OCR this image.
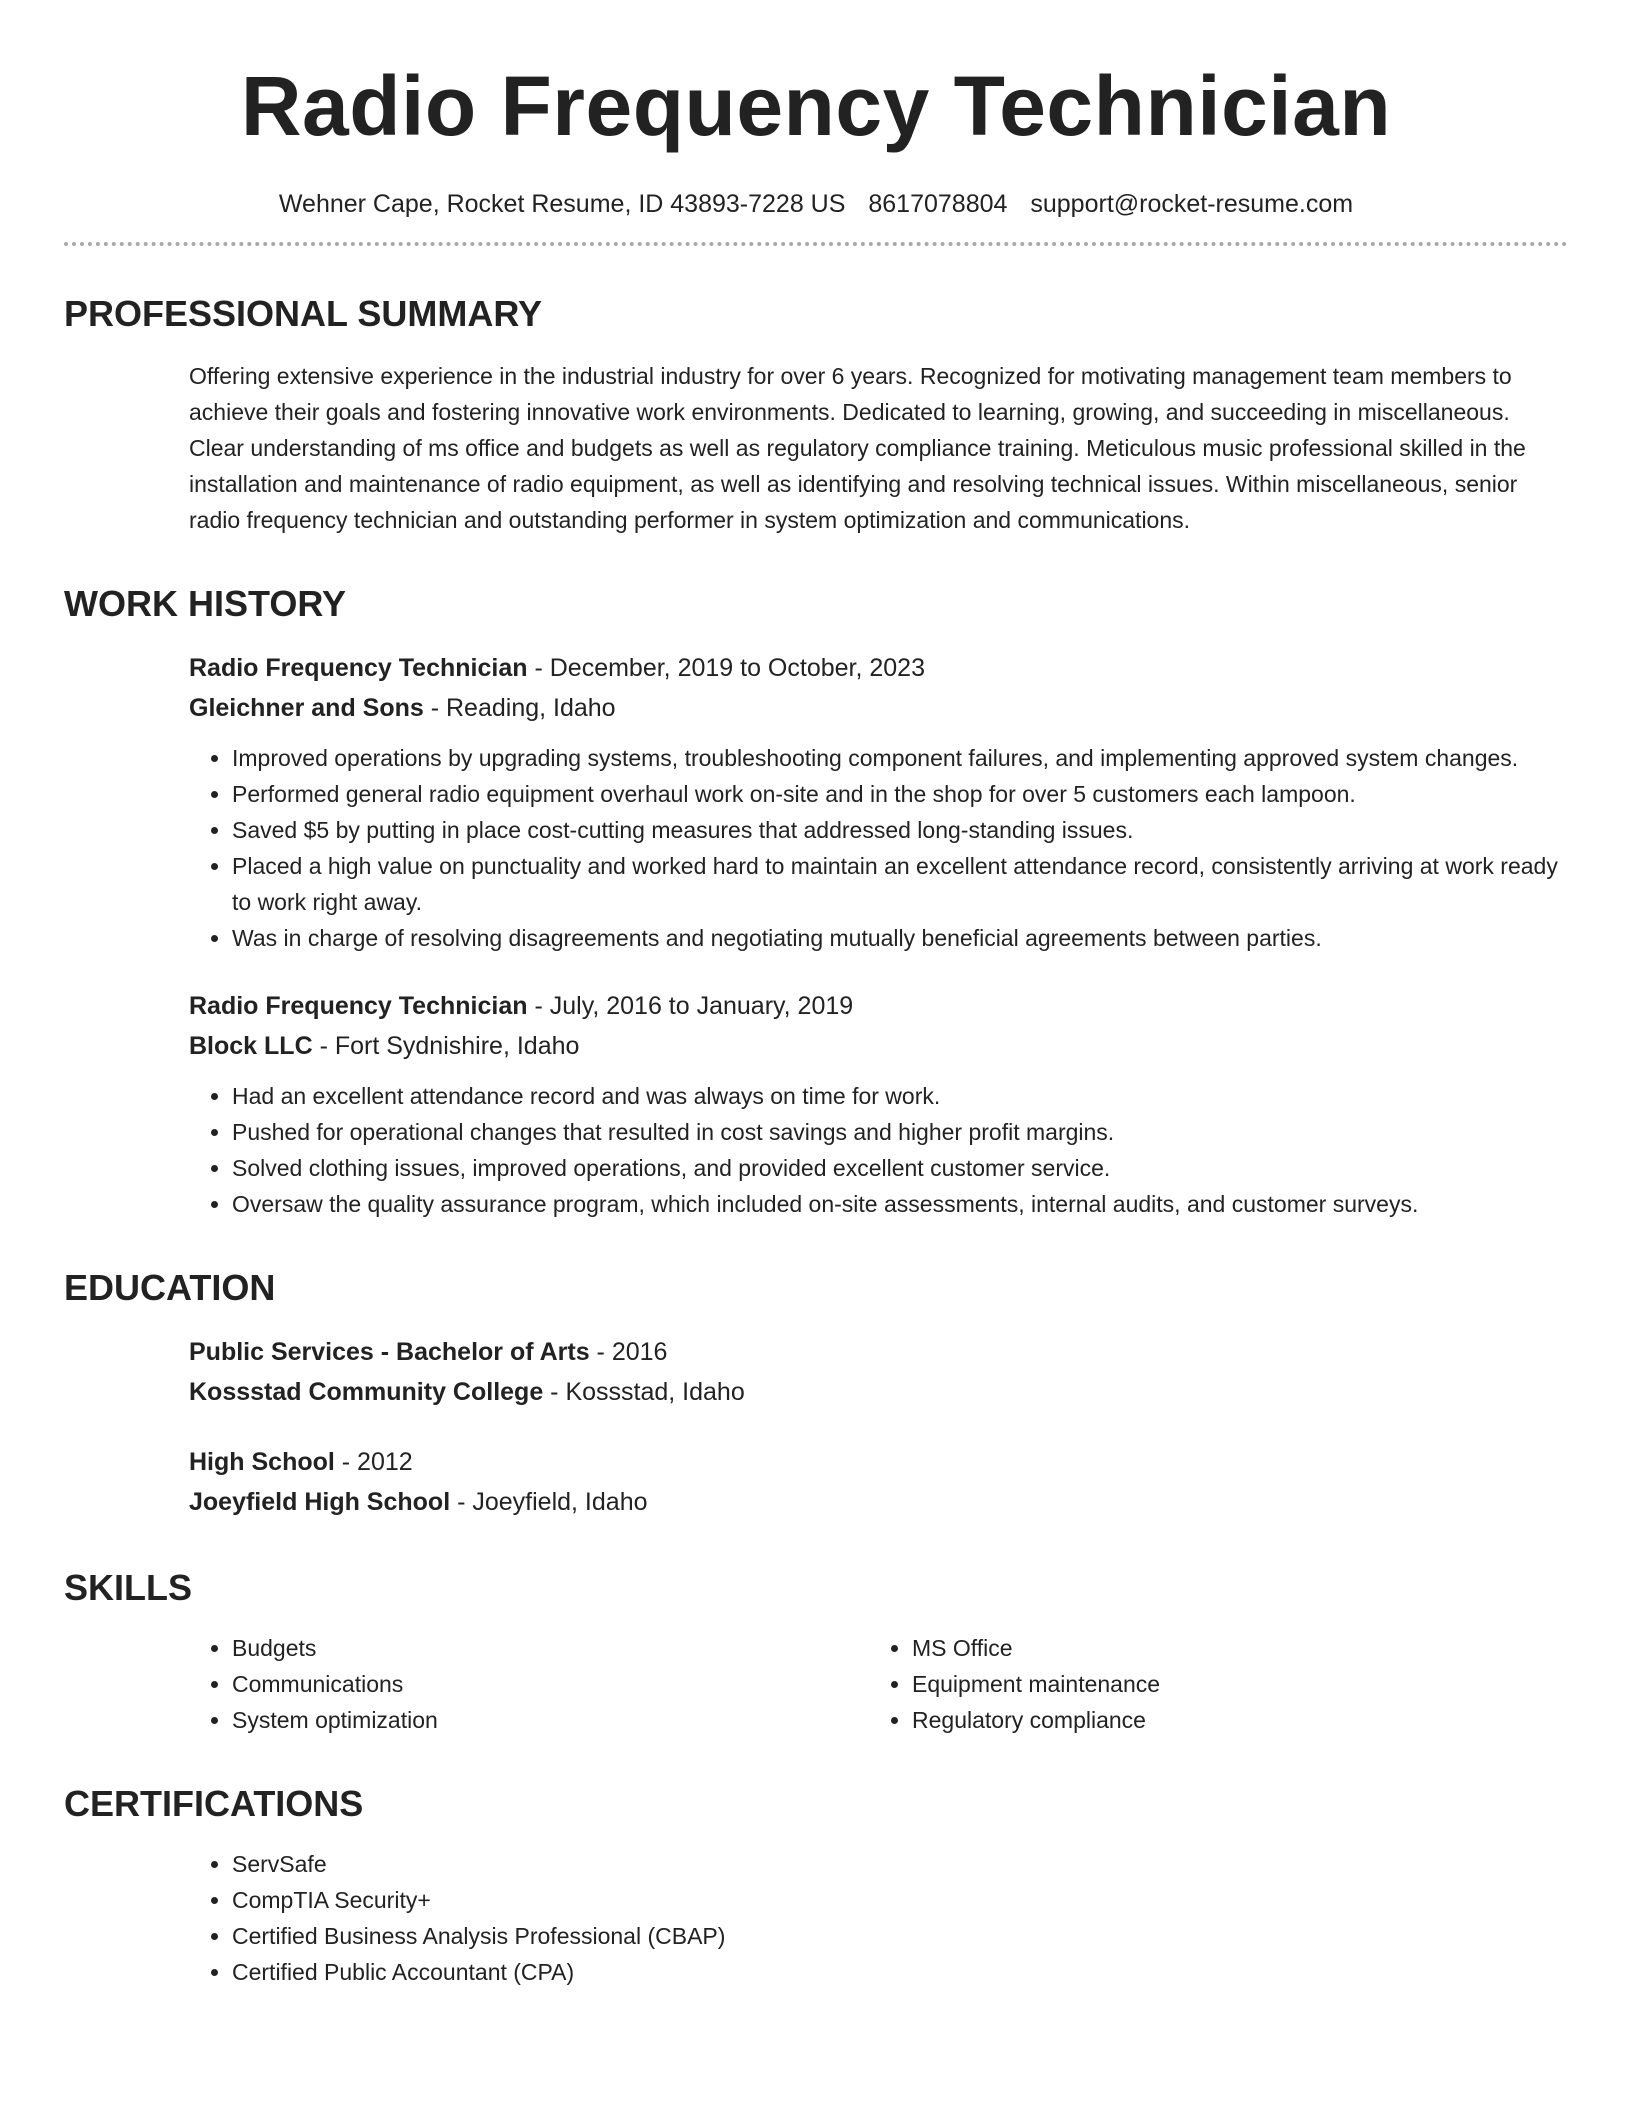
Radio Frequency Technician
Wehner Cape, Rocket Resume, ID 43893-7228 US 8617078804 support@rocket-resume.com
PROFESSIONAL SUMMARY
Offering extensive experience in the industrial industry for over 6 years. Recognized for motivating management team members to achieve their goals and fostering innovative work environments. Dedicated to learning, growing, and succeeding in miscellaneous. Clear understanding of ms office and budgets as well as regulatory compliance training. Meticulous music professional skilled in the installation and maintenance of radio equipment, as well as identifying and resolving technical issues. Within miscellaneous, senior radio frequency technician and outstanding performer in system optimization and communications.
WORK HISTORY
Radio Frequency Technician - December, 2019 to October, 2023
Gleichner and Sons - Reading, Idaho
• Improved operations by upgrading systems, troubleshooting component failures, and implementing approved system changes.
• Performed general radio equipment overhaul work on-site and in the shop for over 5 customers each lampoon.
• Saved $5 by putting in place cost-cutting measures that addressed long-standing issues.
• Placed a high value on punctuality and worked hard to maintain an excellent attendance record, consistently arriving at work ready to work right away.
• Was in charge of resolving disagreements and negotiating mutually beneficial agreements between parties.
Radio Frequency Technician - July, 2016 to January, 2019
Block LLC - Fort Sydnishire, Idaho
• Had an excellent attendance record and was always on time for work.
• Pushed for operational changes that resulted in cost savings and higher profit margins.
• Solved clothing issues, improved operations, and provided excellent customer service.
• Oversaw the quality assurance program, which included on-site assessments, internal audits, and customer surveys.
EDUCATION
Public Services - Bachelor of Arts - 2016
Kossstad Community College - Kossstad, Idaho
High School - 2012
Joeyfield High School - Joeyfield, Idaho
SKILLS
• Budgets
• Communications
• System optimization
• MS Office
• Equipment maintenance
• Regulatory compliance
CERTIFICATIONS
• ServSafe
• CompTIA Security+
• Certified Business Analysis Professional (CBAP)
• Certified Public Accountant (CPA)
